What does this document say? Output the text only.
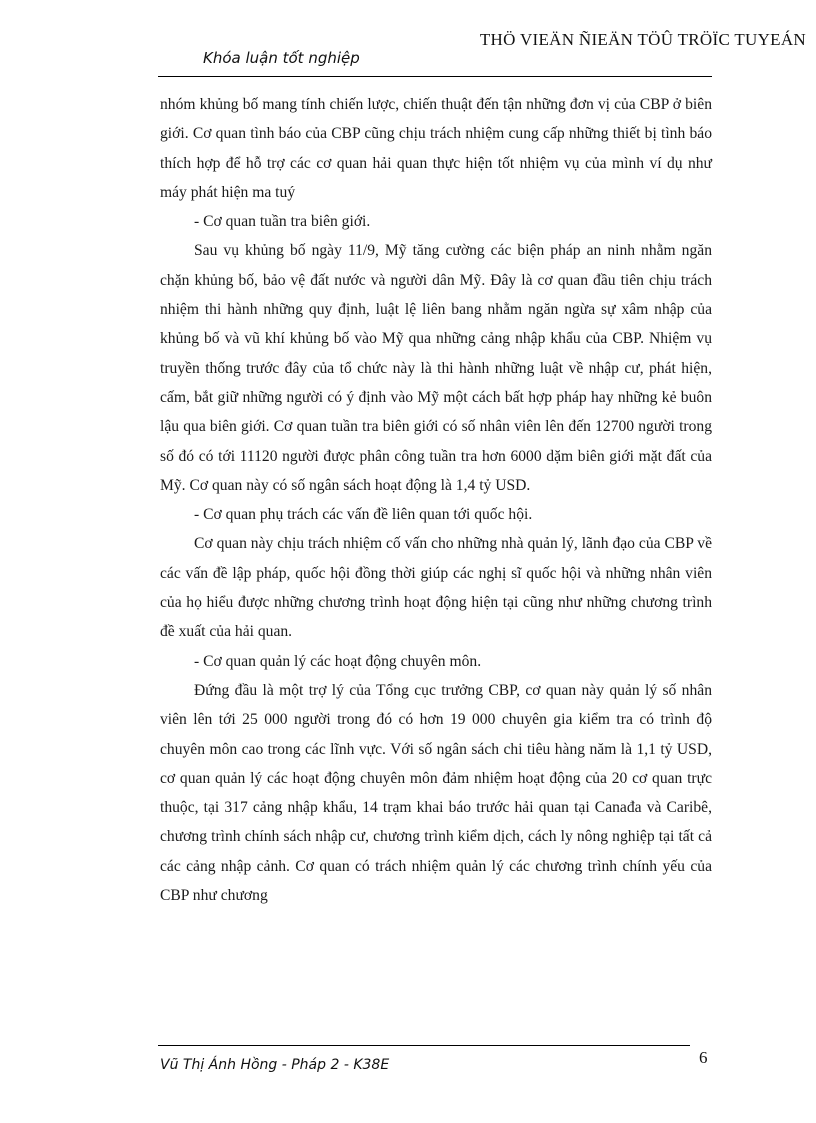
Khóa luận tốt nghiệp
THÖ VIEÄN ÑIEÄN TÖÛ TRÖÏC TUYEÁN

nhóm khủng bố mang tính chiến lược, chiến thuật đến tận những đơn vị của CBP ở biên giới. Cơ quan tình báo của CBP cũng chịu trách nhiệm cung cấp những thiết bị tình báo thích hợp để hỗ trợ các cơ quan hải quan thực hiện tốt nhiệm vụ của mình ví dụ như máy phát hiện ma tuý

- Cơ quan tuần tra biên giới.

Sau vụ khủng bố ngày 11/9, Mỹ tăng cường các biện pháp an ninh nhằm ngăn chặn khủng bố, bảo vệ đất nước và người dân Mỹ. Đây là cơ quan đầu tiên chịu trách nhiệm thi hành những quy định, luật lệ liên bang nhằm ngăn ngừa sự xâm nhập của khủng bố và vũ khí khủng bố vào Mỹ qua những cảng nhập khẩu của CBP. Nhiệm vụ truyền thống trước đây của tổ chức này là thi hành những luật về nhập cư, phát hiện, cấm, bắt giữ những người có ý định vào Mỹ một cách bất hợp pháp hay những kẻ buôn lậu qua biên giới. Cơ quan tuần tra biên giới có số nhân viên lên đến 12700 người trong số đó có tới 11120 người được phân công tuần tra hơn 6000 dặm biên giới mặt đất của Mỹ. Cơ quan này có số ngân sách hoạt động là 1,4 tỷ USD.

- Cơ quan phụ trách các vấn đề liên quan tới quốc hội.

Cơ quan này chịu trách nhiệm cố vấn cho những nhà quản lý, lãnh đạo của CBP về các vấn đề lập pháp, quốc hội đồng thời giúp các nghị sĩ quốc hội và những nhân viên của họ hiểu được những chương trình hoạt động hiện tại cũng như những chương trình đề xuất của hải quan.

- Cơ quan quản lý các hoạt động chuyên môn.

Đứng đầu là một trợ lý của Tổng cục trưởng CBP, cơ quan này quản lý số nhân viên lên tới 25 000 người trong đó có hơn 19 000 chuyên gia kiểm tra có trình độ chuyên môn cao trong các lĩnh vực. Với số ngân sách chi tiêu hàng năm là 1,1 tỷ USD, cơ quan quản lý các hoạt động chuyên môn đảm nhiệm hoạt động của 20 cơ quan trực thuộc, tại 317 cảng nhập khẩu, 14 trạm khai báo trước hải quan tại Canađa và Caribê, chương trình chính sách nhập cư, chương trình kiểm dịch, cách ly nông nghiệp tại tất cả các cảng nhập cảnh. Cơ quan có trách nhiệm quản lý các chương trình chính yếu của CBP như chương

Vũ Thị Ánh Hồng - Pháp 2 - K38E	6
